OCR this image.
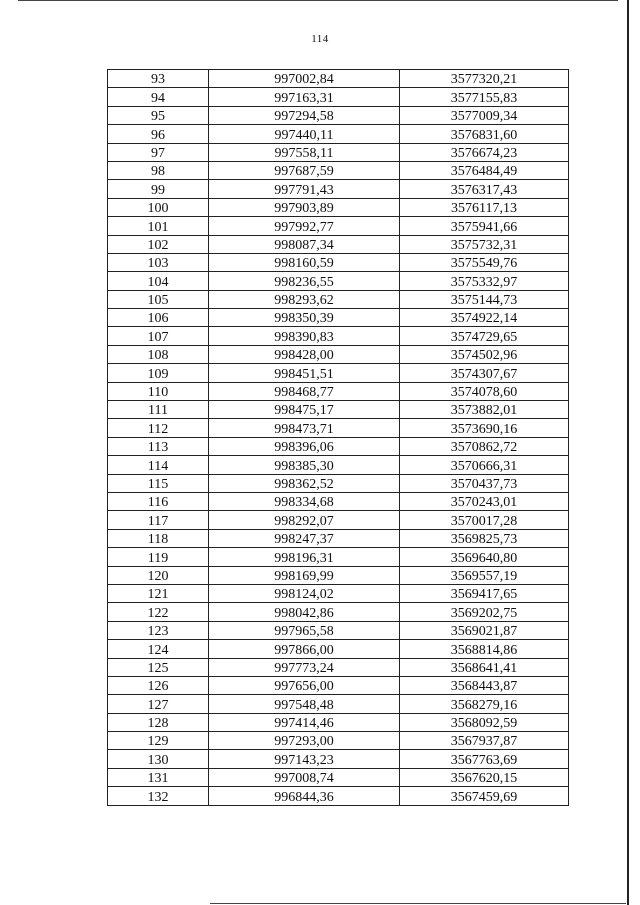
114
93	997002,84	3577320,21
94	997163,31	3577155,83
95	997294,58	3577009,34
96	997440,11	3576831,60
97	997558,11	3576674,23
98	997687,59	3576484,49
99	997791,43	3576317,43
100	997903,89	3576117,13
101	997992,77	3575941,66
102	998087,34	3575732,31
103	998160,59	3575549,76
104	998236,55	3575332,97
105	998293,62	3575144,73
106	998350,39	3574922,14
107	998390,83	3574729,65
108	998428,00	3574502,96
109	998451,51	3574307,67
110	998468,77	3574078,60
111	998475,17	3573882,01
112	998473,71	3573690,16
113	998396,06	3570862,72
114	998385,30	3570666,31
115	998362,52	3570437,73
116	998334,68	3570243,01
117	998292,07	3570017,28
118	998247,37	3569825,73
119	998196,31	3569640,80
120	998169,99	3569557,19
121	998124,02	3569417,65
122	998042,86	3569202,75
123	997965,58	3569021,87
124	997866,00	3568814,86
125	997773,24	3568641,41
126	997656,00	3568443,87
127	997548,48	3568279,16
128	997414,46	3568092,59
129	997293,00	3567937,87
130	997143,23	3567763,69
131	997008,74	3567620,15
132	996844,36	3567459,69
